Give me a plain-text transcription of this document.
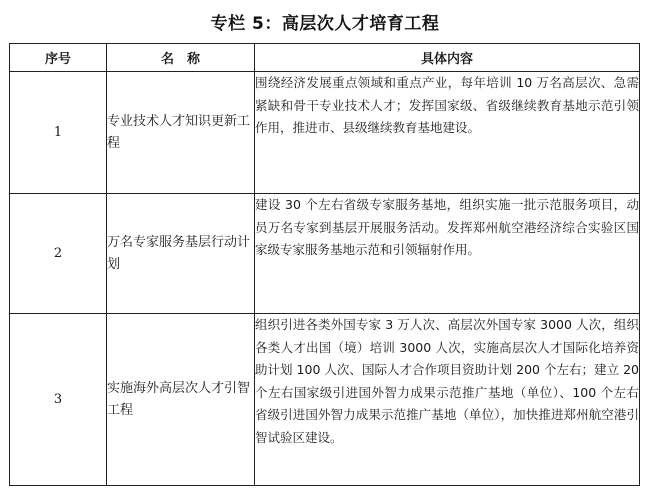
专栏 5：高层次人才培育工程
序号	名　称	具体内容
1	专业技术人才知识更新工程	围绕经济发展重点领域和重点产业，每年培训 10 万名高层次、急需紧缺和骨干专业技术人才；发挥国家级、省级继续教育基地示范引领作用，推进市、县级继续教育基地建设。
2	万名专家服务基层行动计划	建设 30 个左右省级专家服务基地，组织实施一批示范服务项目，动员万名专家到基层开展服务活动。发挥郑州航空港经济综合实验区国家级专家服务基地示范和引领辐射作用。
3	实施海外高层次人才引智工程	组织引进各类外国专家 3 万人次、高层次外国专家 3000 人次，组织各类人才出国（境）培训 3000 人次，实施高层次人才国际化培养资助计划 100 人次、国际人才合作项目资助计划 200 个左右；建立 20 个左右国家级引进国外智力成果示范推广基地（单位）、100 个左右省级引进国外智力成果示范推广基地（单位），加快推进郑州航空港引智试验区建设。
